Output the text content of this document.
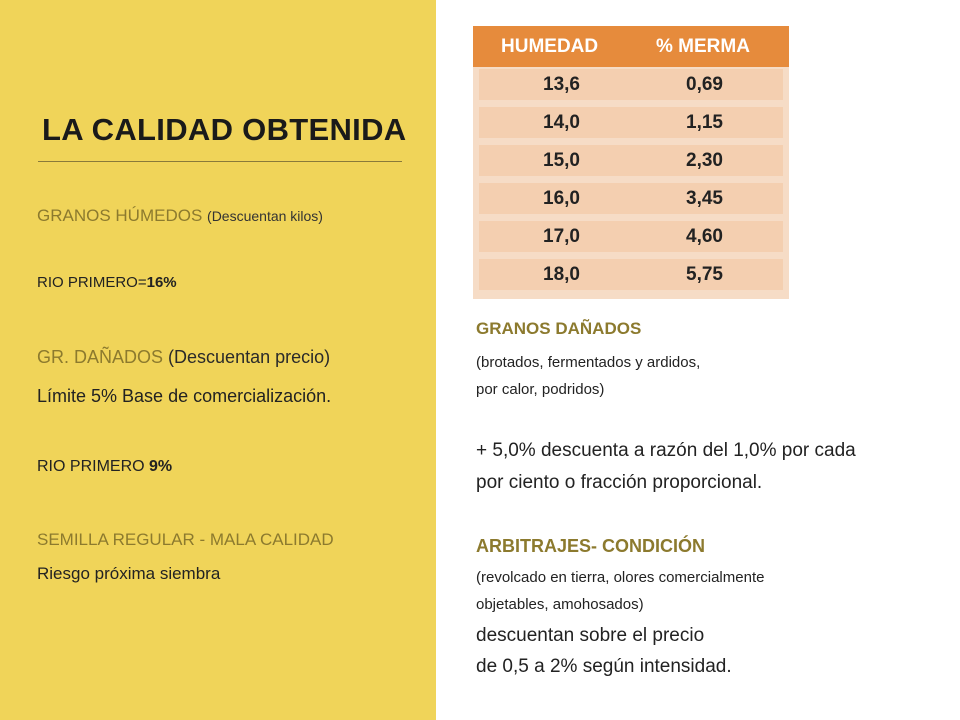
LA CALIDAD OBTENIDA
GRANOS HÚMEDOS (Descuentan kilos)
RIO PRIMERO=16%
GR. DAÑADOS (Descuentan precio)
Límite 5% Base de comercialización.
RIO PRIMERO 9%
SEMILLA REGULAR - MALA CALIDAD
Riesgo próxima siembra
HUMEDAD	% MERMA
13,6	0,69
14,0	1,15
15,0	2,30
16,0	3,45
17,0	4,60
18,0	5,75
GRANOS DAÑADOS
(brotados, fermentados y ardidos,
por calor, podridos)
+ 5,0% descuenta a razón del 1,0% por cada
por ciento o fracción proporcional.
ARBITRAJES- CONDICIÓN
(revolcado en tierra, olores comercialmente
objetables, amohosados)
descuentan sobre el precio
de 0,5 a 2% según intensidad.
